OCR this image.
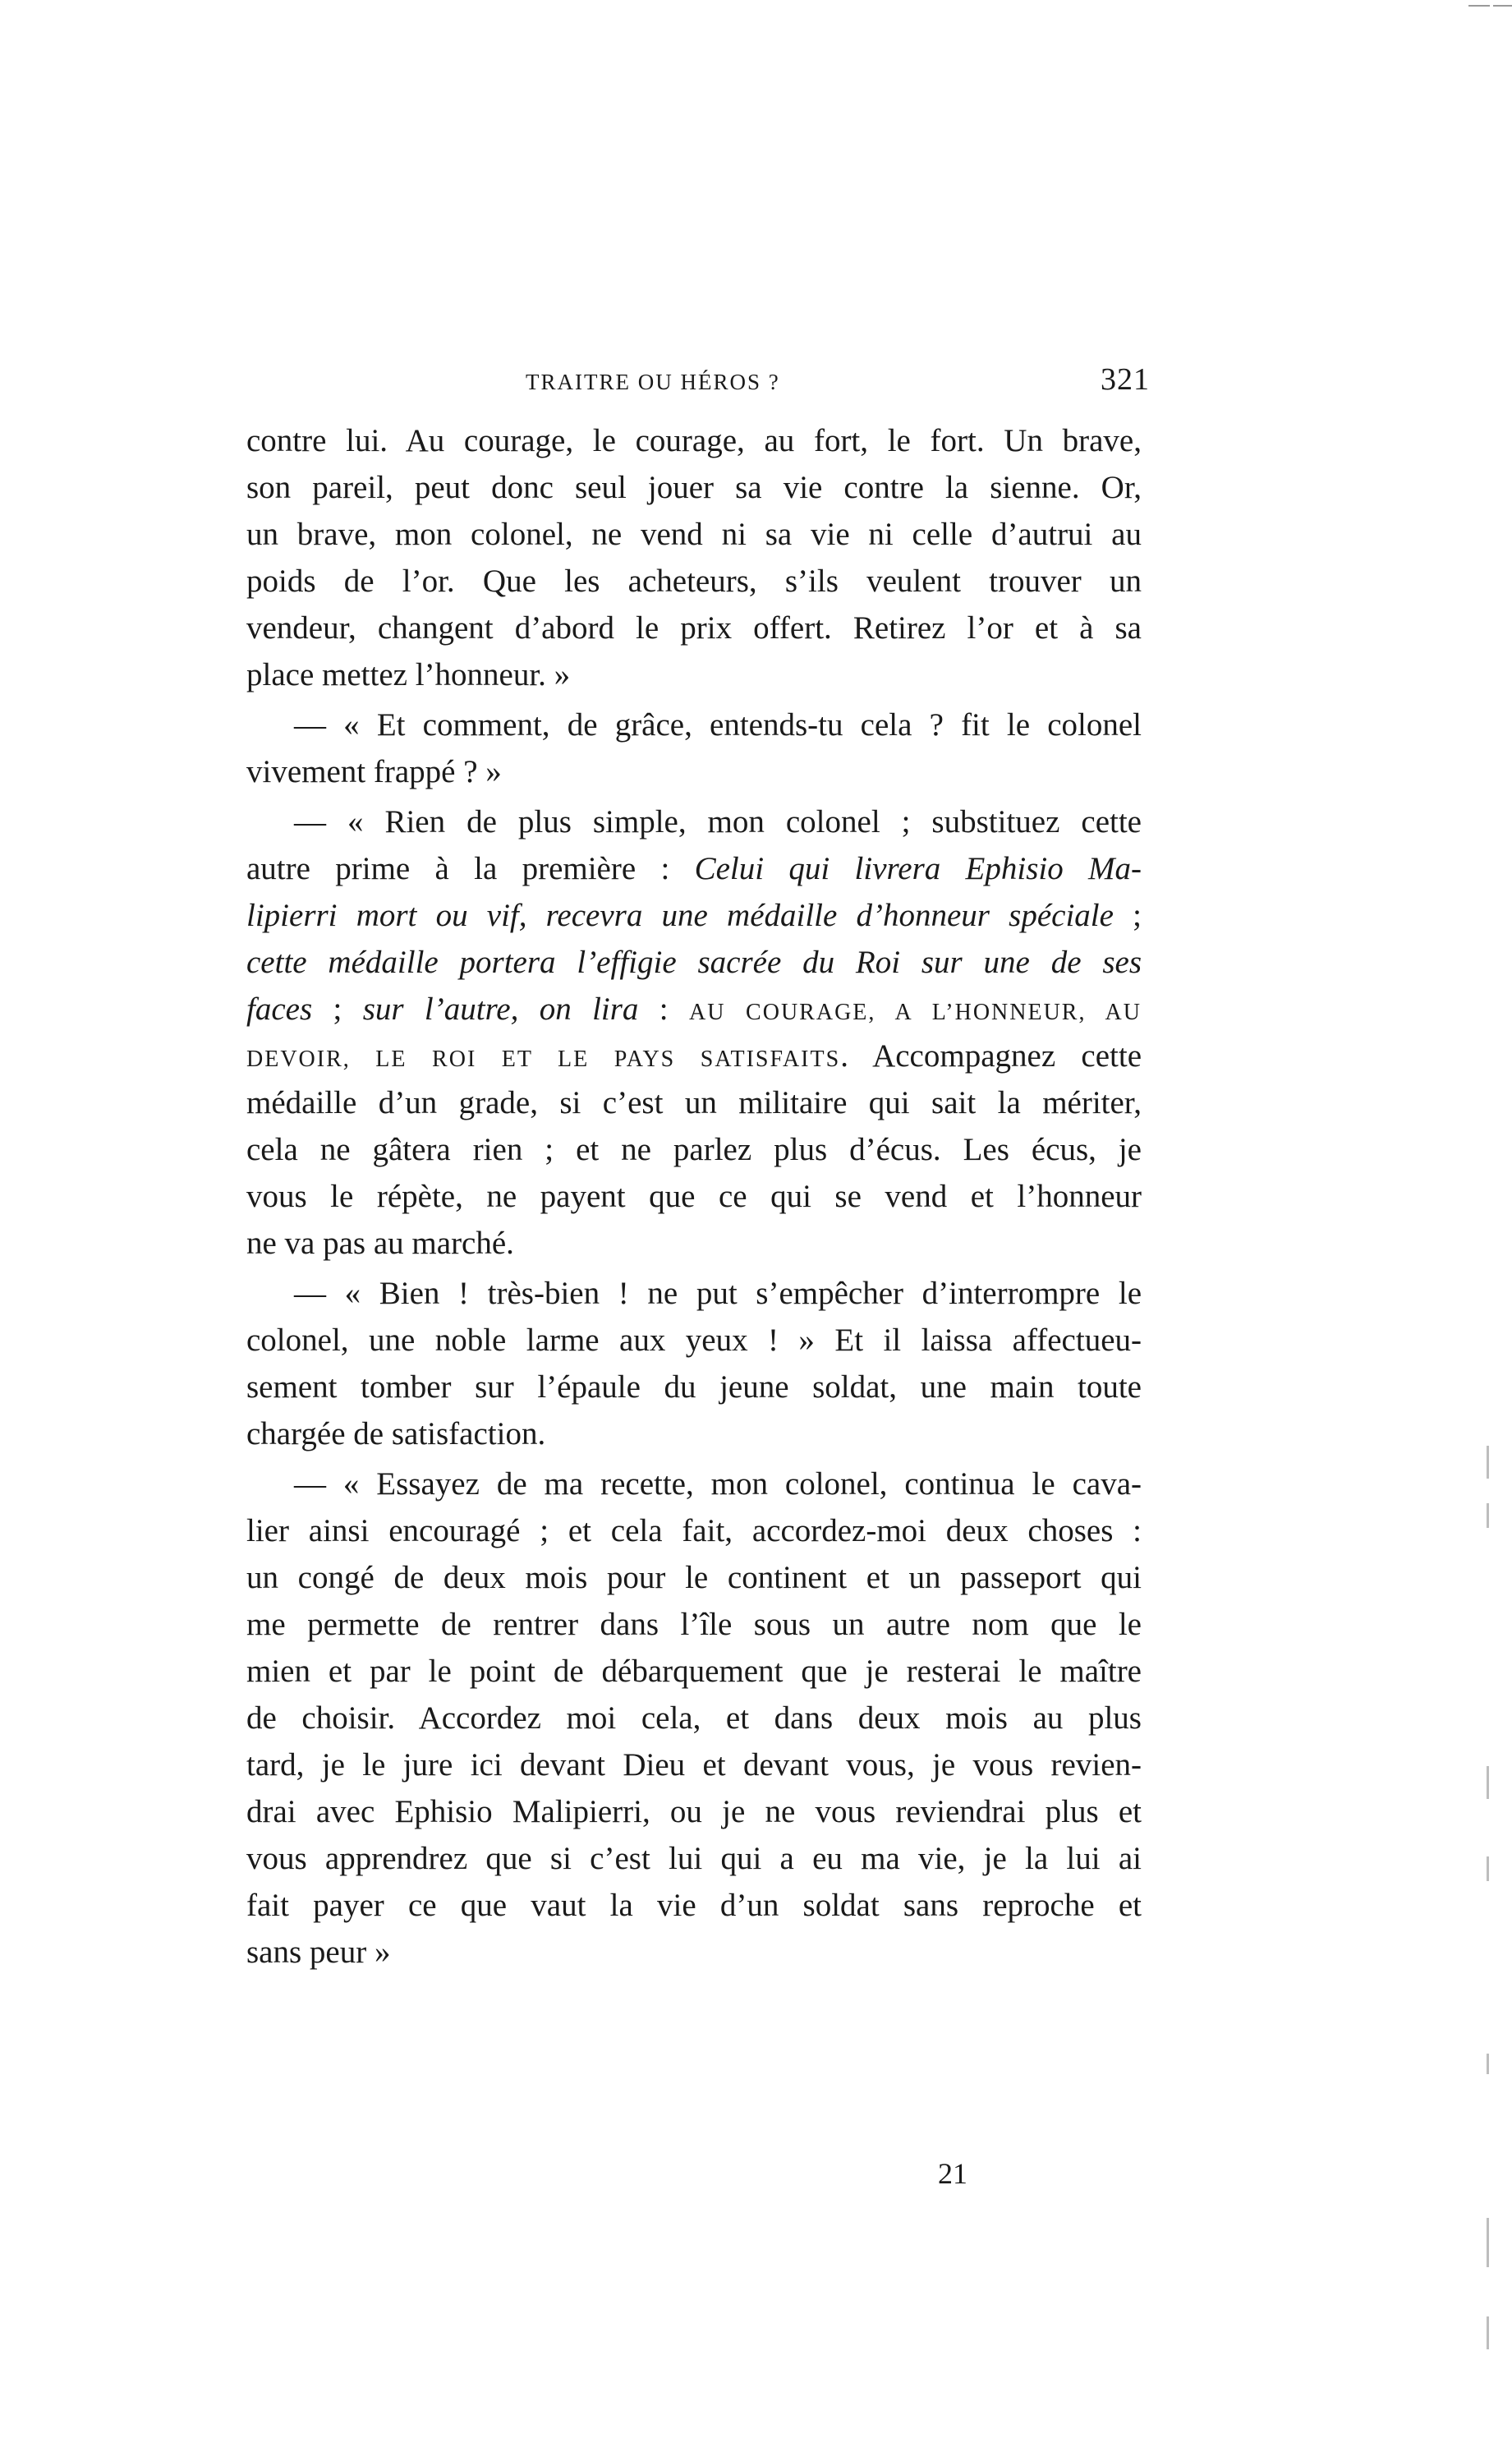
TRAITRE OU HÉROS ?	321
contre lui. Au courage, le courage, au fort, le fort. Un brave,
son pareil, peut donc seul jouer sa vie contre la sienne. Or,
un brave, mon colonel, ne vend ni sa vie ni celle d’autrui au
poids de l’or. Que les acheteurs, s’ils veulent trouver un
vendeur, changent d’abord le prix offert. Retirez l’or et à sa
place mettez l’honneur. »
— « Et comment, de grâce, entends-tu cela ? fit le colonel
vivement frappé ? »
— « Rien de plus simple, mon colonel ; substituez cette
autre prime à la première : Celui qui livrera Ephisio Ma-
lipierri mort ou vif, recevra une médaille d’honneur spéciale ;
cette médaille portera l’effigie sacrée du Roi sur une de ses
faces ; sur l’autre, on lira : AU COURAGE, A L’HONNEUR, AU
DEVOIR, LE ROI ET LE PAYS SATISFAITS. Accompagnez cette
médaille d’un grade, si c’est un militaire qui sait la mériter,
cela ne gâtera rien ; et ne parlez plus d’écus. Les écus, je
vous le répète, ne payent que ce qui se vend et l’honneur
ne va pas au marché.
— « Bien ! très-bien ! ne put s’empêcher d’interrompre le
colonel, une noble larme aux yeux ! » Et il laissa affectueu-
sement tomber sur l’épaule du jeune soldat, une main toute
chargée de satisfaction.
— « Essayez de ma recette, mon colonel, continua le cava-
lier ainsi encouragé ; et cela fait, accordez-moi deux choses :
un congé de deux mois pour le continent et un passeport qui
me permette de rentrer dans l’île sous un autre nom que le
mien et par le point de débarquement que je resterai le maître
de choisir. Accordez moi cela, et dans deux mois au plus
tard, je le jure ici devant Dieu et devant vous, je vous revien-
drai avec Ephisio Malipierri, ou je ne vous reviendrai plus et
vous apprendrez que si c’est lui qui a eu ma vie, je la lui ai
fait payer ce que vaut la vie d’un soldat sans reproche et
sans peur »
21
